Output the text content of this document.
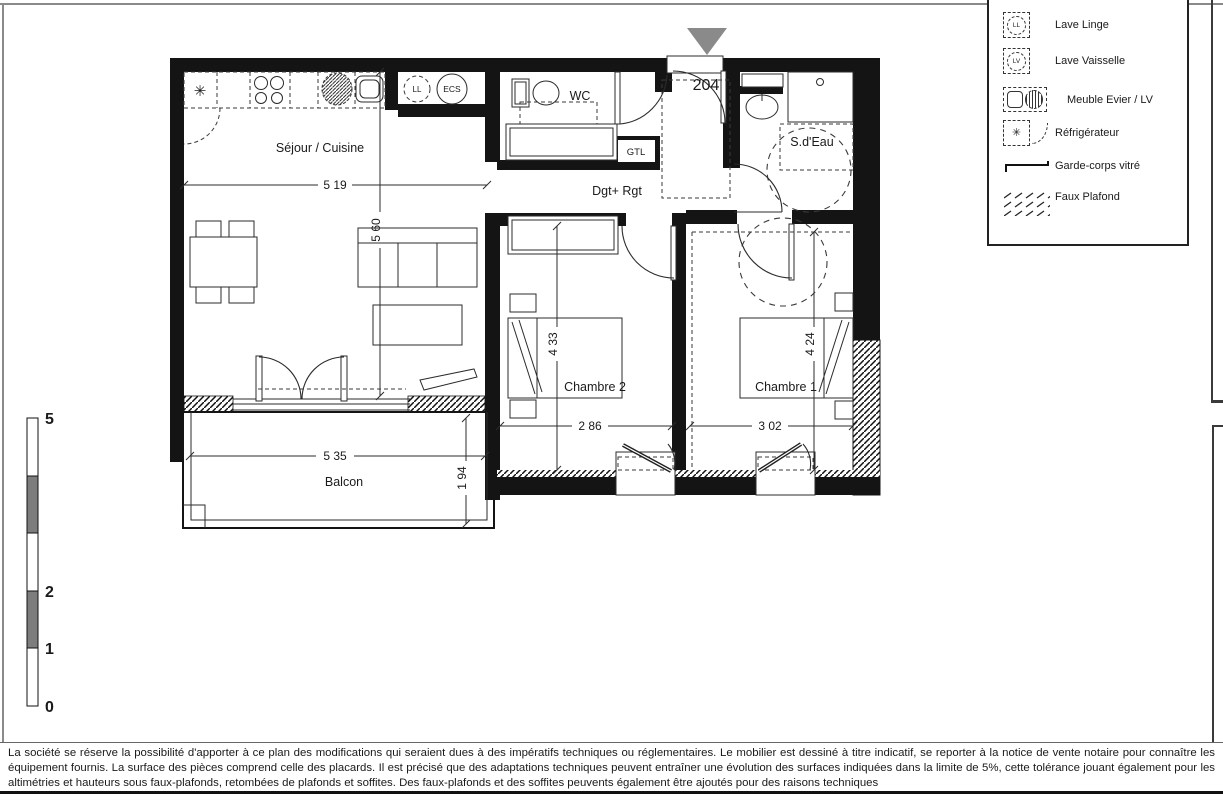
✳	LL	ECS	WC
GTL
204
Dgt+ Rgt
S.d'Eau
Chambre 2	Chambre 1
Balcon
Séjour / Cuisine
5 19
5 60
4 33
2 86
4 24
3 02
5 35
1 94
5
2
1
0
LL	Lave Linge
LV	Lave Vaisselle
Meuble Evier / LV
✳	Réfrigérateur
Garde-corps vitré
Faux Plafond

La société se réserve la possibilité d'apporter à ce plan des modifications qui seraient dues à des impératifs techniques ou réglementaires. Le mobilier est dessiné à titre indicatif, se reporter à la notice de vente notaire pour connaître les équipement fournis. La surface des pièces comprend celle des placards. Il est précisé que des adaptations techniques peuvent entraîner une évolution des surfaces indiquées dans la limite de 5%, cette tolérance jouant également pour les altimétries et hauteurs sous faux-plafonds, retombées de plafonds et soffites. Des faux-plafonds et des soffites peuvents également être ajoutés pour des raisons techniques
